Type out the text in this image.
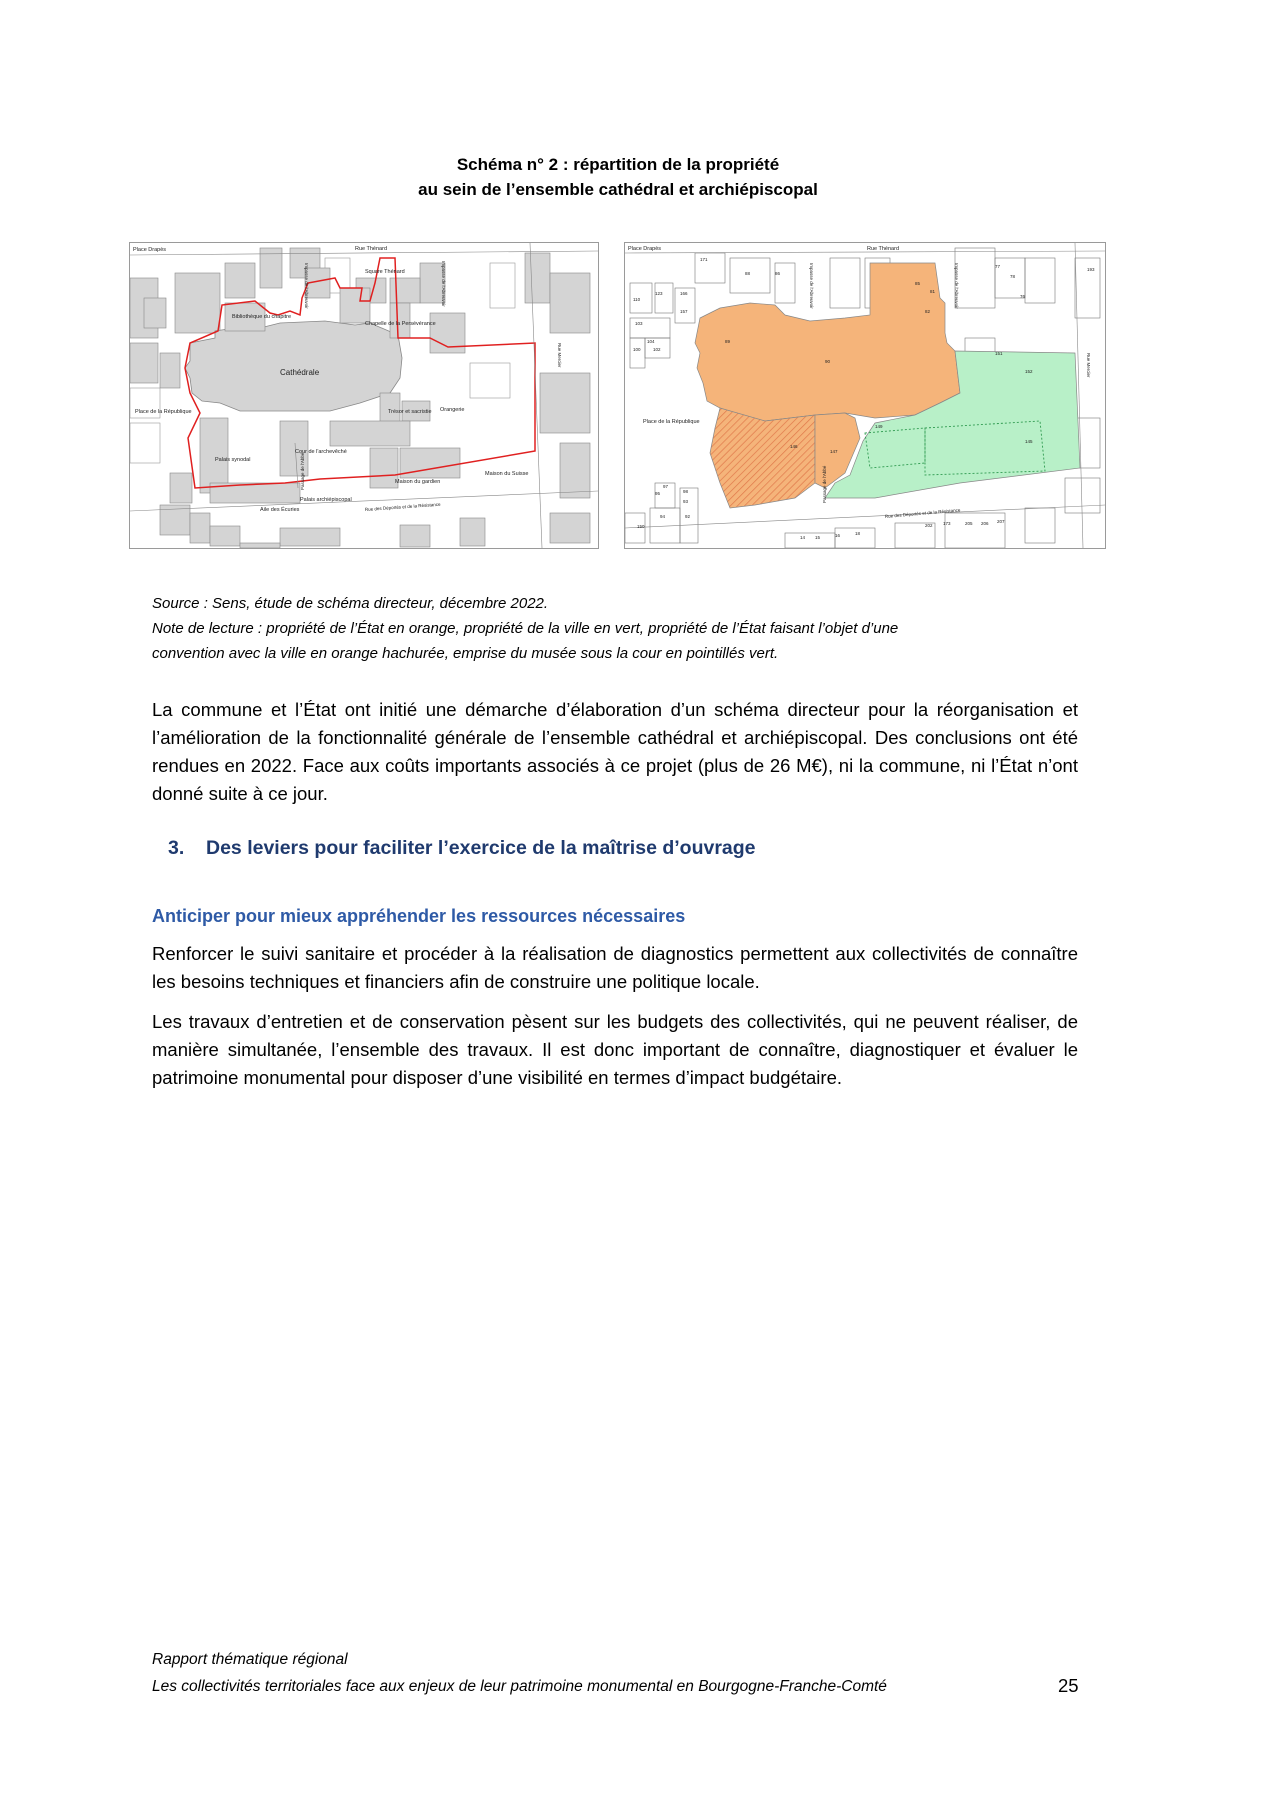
Schéma n° 2 : répartition de la propriété
au sein de l’ensemble cathédral et archiépiscopal
Place Drapès	Rue Thénard
Square Thénard
Bibliothèque du chapitre
Chapelle de la Persévérance
Cathédrale
Place de la République	Trésor et sacristie Orangerie
Cour de l'archevêché
Palais synodal
Maison du gardien
Maison du Suisse
Palais archiépiscopal
Aile des Écuries	Rue des Déportés et de la Résistance
Impasse de l’Abreuvoir	Impasse de l’Abreuvoir
Rue Mercier
Passage de l'Abbé
Place Drapès	Rue Thénard
Place de la République
Rue des Déportés et de la Résistance
Impasse de l’Abreuvoir	Impasse de l’Abreuvoir
Rue Mercier
Passage de l'Abbé
171
88	86
123
110
166
157
103
104
100	102
85
89
90
82
81
77
78
76
193
151
152
145
146
147
149
97
95	98
93
94	92
150
14 15	16	18
202 173	205 206 207
Source : Sens, étude de schéma directeur, décembre 2022.
Note de lecture : propriété de l’État en orange, propriété de la ville en vert, propriété de l’État faisant l’objet d’une
convention avec la ville en orange hachurée, emprise du musée sous la cour en pointillés vert.
La commune et l’État ont initié une démarche d’élaboration d’un schéma directeur pour la réorganisation et l’amélioration de la fonctionnalité générale de l’ensemble cathédral et archiépiscopal. Des conclusions ont été rendues en 2022. Face aux coûts importants associés à ce projet (plus de 26 M€), ni la commune, ni l’État n’ont donné suite à ce jour.
3. Des leviers pour faciliter l’exercice de la maîtrise d’ouvrage
Anticiper pour mieux appréhender les ressources nécessaires
Renforcer le suivi sanitaire et procéder à la réalisation de diagnostics permettent aux collectivités de connaître les besoins techniques et financiers afin de construire une politique locale.
Les travaux d’entretien et de conservation pèsent sur les budgets des collectivités, qui ne peuvent réaliser, de manière simultanée, l’ensemble des travaux. Il est donc important de connaître, diagnostiquer et évaluer le patrimoine monumental pour disposer d’une visibilité en termes d’impact budgétaire.
Rapport thématique régional
Les collectivités territoriales face aux enjeux de leur patrimoine monumental en Bourgogne-Franche-Comté	25
